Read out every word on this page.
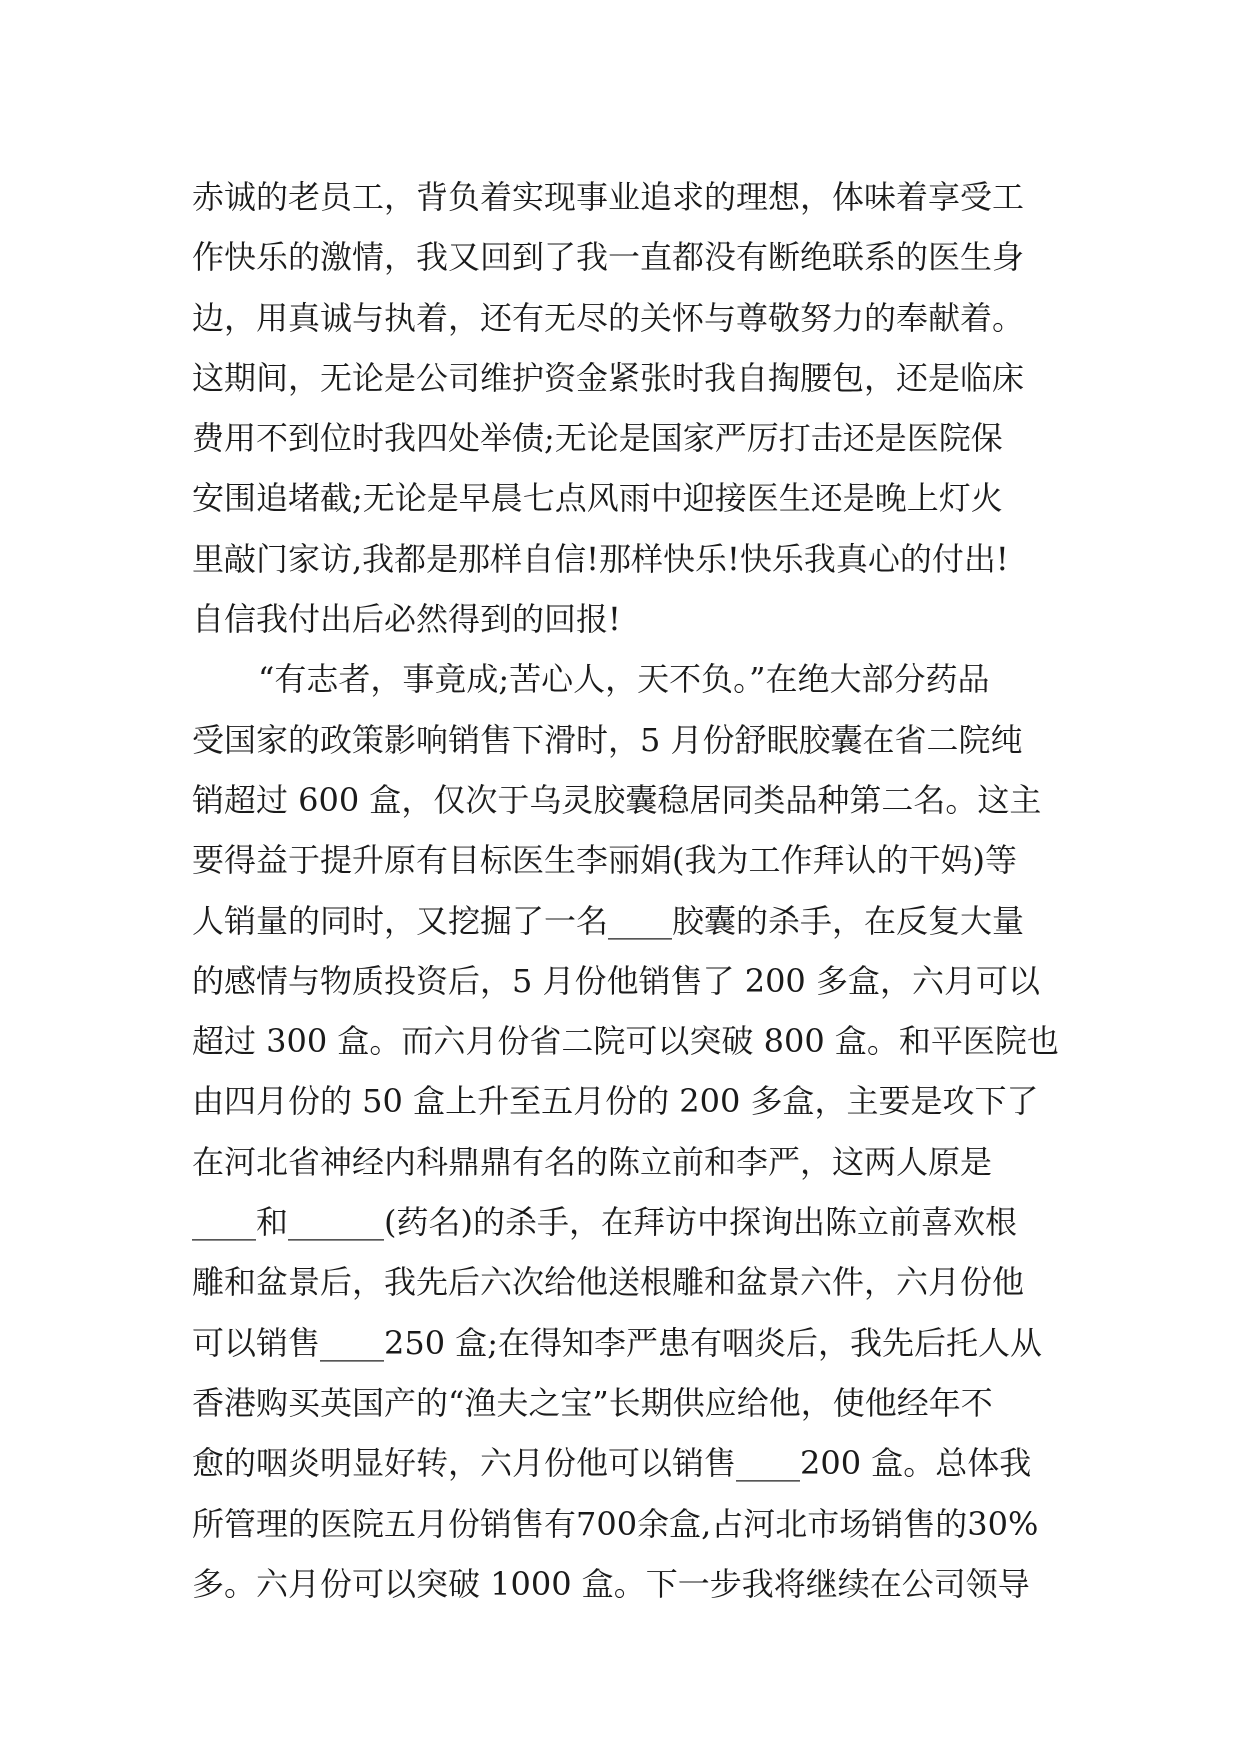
赤诚的老员工，背负着实现事业追求的理想，体味着享受工
作快乐的激情，我又回到了我一直都没有断绝联系的医生身
边，用真诚与执着，还有无尽的关怀与尊敬努力的奉献着。
这期间，无论是公司维护资金紧张时我自掏腰包，还是临床
费用不到位时我四处举债;无论是国家严厉打击还是医院保
安围追堵截;无论是早晨七点风雨中迎接医生还是晚上灯火
里敲门家访,我都是那样自信!那样快乐!快乐我真心的付出!
自信我付出后必然得到的回报!
“有志者，事竟成;苦心人，天不负。”在绝大部分药品
受国家的政策影响销售下滑时，5 月份舒眠胶囊在省二院纯
销超过 600 盒，仅次于乌灵胶囊稳居同类品种第二名。这主
要得益于提升原有目标医生李丽娟(我为工作拜认的干妈)等
人销量的同时，又挖掘了一名____胶囊的杀手，在反复大量
的感情与物质投资后，5 月份他销售了 200 多盒，六月可以
超过 300 盒。而六月份省二院可以突破 800 盒。和平医院也
由四月份的 50 盒上升至五月份的 200 多盒，主要是攻下了
在河北省神经内科鼎鼎有名的陈立前和李严，这两人原是
____和______(药名)的杀手，在拜访中探询出陈立前喜欢根
雕和盆景后，我先后六次给他送根雕和盆景六件，六月份他
可以销售____250 盒;在得知李严患有咽炎后，我先后托人从
香港购买英国产的“渔夫之宝”长期供应给他，使他经年不
愈的咽炎明显好转，六月份他可以销售____200 盒。总体我
所管理的医院五月份销售有700余盒,占河北市场销售的30%
多。六月份可以突破 1000 盒。下一步我将继续在公司领导
